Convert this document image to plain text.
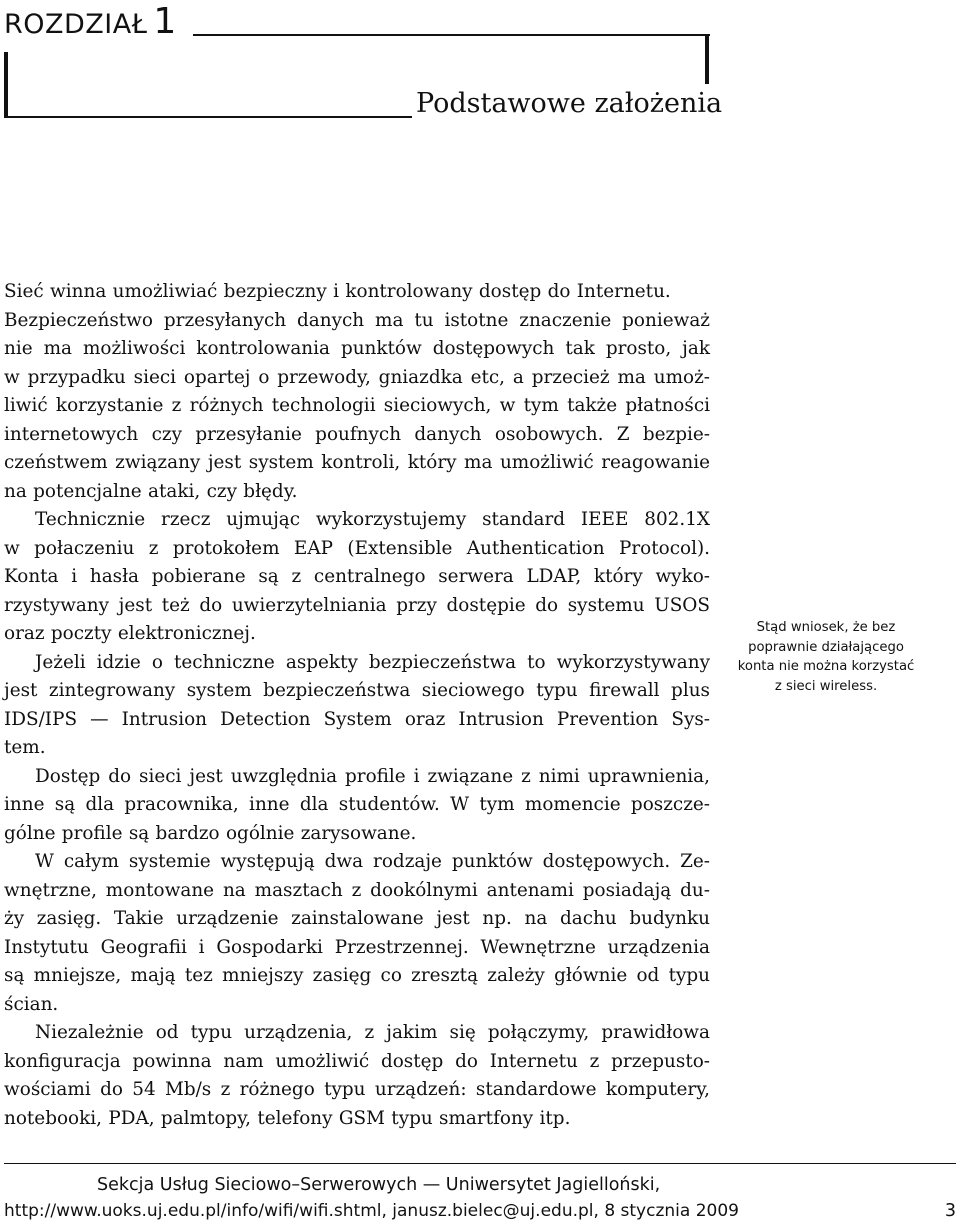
ROZDZIAŁ 1
Podstawowe założenia
Sieć winna umożliwiać bezpieczny i kontrolowany dostęp do Internetu.
Bezpieczeństwo przesyłanych danych ma tu istotne znaczenie ponieważ
nie ma możliwości kontrolowania punktów dostępowych tak prosto, jak
w przypadku sieci opartej o przewody, gniazdka etc, a przecież ma umoż-
liwić korzystanie z różnych technologii sieciowych, w tym także płatności
internetowych czy przesyłanie poufnych danych osobowych. Z bezpie-
czeństwem związany jest system kontroli, który ma umożliwić reagowanie
na potencjalne ataki, czy błędy.
Technicznie rzecz ujmując wykorzystujemy standard IEEE 802.1X
w połaczeniu z protokołem EAP (Extensible Authentication Protocol).
Konta i hasła pobierane są z centralnego serwera LDAP, który wyko-
rzystywany jest też do uwierzytelniania przy dostępie do systemu USOS
oraz poczty elektronicznej.
Jeżeli idzie o techniczne aspekty bezpieczeństwa to wykorzystywany
jest zintegrowany system bezpieczeństwa sieciowego typu firewall plus
IDS/IPS — Intrusion Detection System oraz Intrusion Prevention Sys-
tem.
Dostęp do sieci jest uwzględnia profile i związane z nimi uprawnienia,
inne są dla pracownika, inne dla studentów. W tym momencie poszcze-
gólne profile są bardzo ogólnie zarysowane.
W całym systemie występują dwa rodzaje punktów dostępowych. Ze-
wnętrzne, montowane na masztach z dookólnymi antenami posiadają du-
ży zasięg. Takie urządzenie zainstalowane jest np. na dachu budynku
Instytutu Geografii i Gospodarki Przestrzennej. Wewnętrzne urządzenia
są mniejsze, mają tez mniejszy zasięg co zresztą zależy głównie od typu
ścian.
Niezależnie od typu urządzenia, z jakim się połączymy, prawidłowa
konfiguracja powinna nam umożliwić dostęp do Internetu z przepusto-
wościami do 54 Mb/s z różnego typu urządzeń: standardowe komputery,
notebooki, PDA, palmtopy, telefony GSM typu smartfony itp.
Stąd wniosek, że bez
poprawnie działającego
konta nie można korzystać
z sieci wireless.
Sekcja Usług Sieciowo–Serwerowych — Uniwersytet Jagielloński,
http://www.uoks.uj.edu.pl/info/wifi/wifi.shtml, janusz.bielec@uj.edu.pl, 8 stycznia 2009	3
